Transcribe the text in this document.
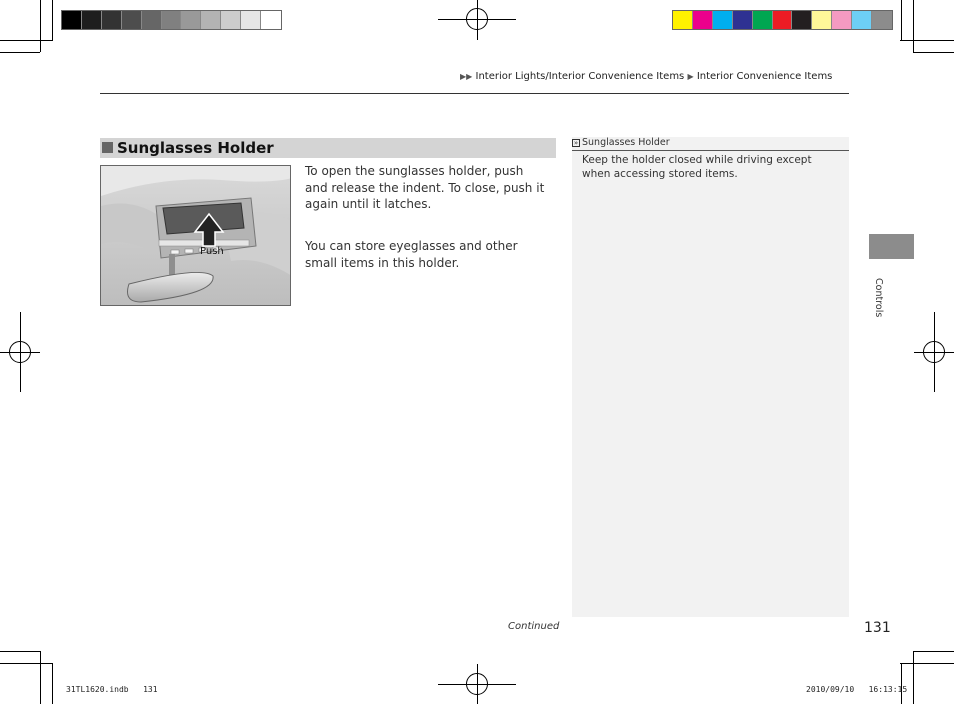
▶▶ Interior Lights/Interior Convenience Items ▶ Interior Convenience Items
Sunglasses Holder
Push
To open the sunglasses holder, push and release the indent. To close, push it again until it latches.
You can store eyeglasses and other small items in this holder.
» Sunglasses Holder
Keep the holder closed while driving except when accessing stored items.
Controls
Continued	131
31TL1620.indb   131	2010/09/10   16:13:15
